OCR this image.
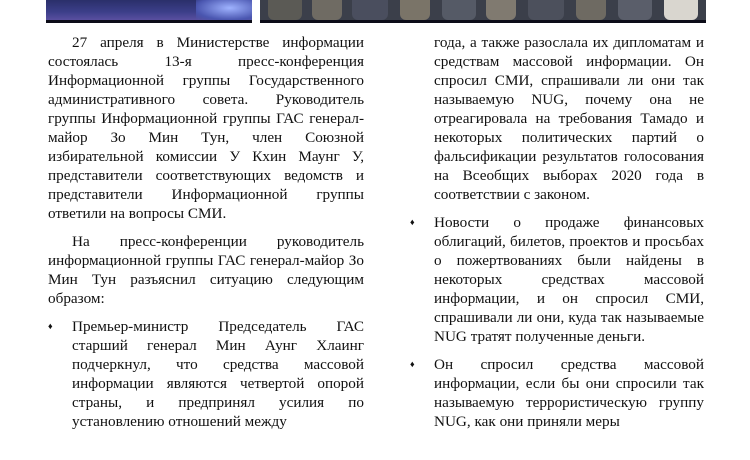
27 апреля в Министерстве информации состоялась 13-я пресс-конференция Информационной группы Государственного административного совета. Руководитель группы Информационной группы ГАС генерал-майор Зо Мин Тун, член Союзной избирательной комиссии У Кхин Маунг У, представители соответствующих ведомств и представители Информационной группы ответили на вопросы СМИ.

На пресс-конференции руководитель информационной группы ГАС генерал-майор Зо Мин Тун разъяснил ситуацию следующим образом:

♦ Премьер-министр Председатель ГАС старший генерал Мин Аунг Хлаинг подчеркнул, что средства массовой информации являются четвертой опорой страны, и предпринял усилия по установлению отношений между

года, а также разослала их дипломатам и средствам массовой информации. Он спросил СМИ, спрашивали ли они так называемую NUG, почему она не отреагировала на требования Тамадо и некоторых политических партий о фальсификации результатов голосования на Всеобщих выборах 2020 года в соответствии с законом.

♦ Новости о продаже финансовых облигаций, билетов, проектов и просьбах о пожертвованиях были найдены в некоторых средствах массовой информации, и он спросил СМИ, спрашивали ли они, куда так называемые NUG тратят полученные деньги.

♦ Он спросил средства массовой информации, если бы они спросили так называемую террористическую группу NUG, как они приняли меры
